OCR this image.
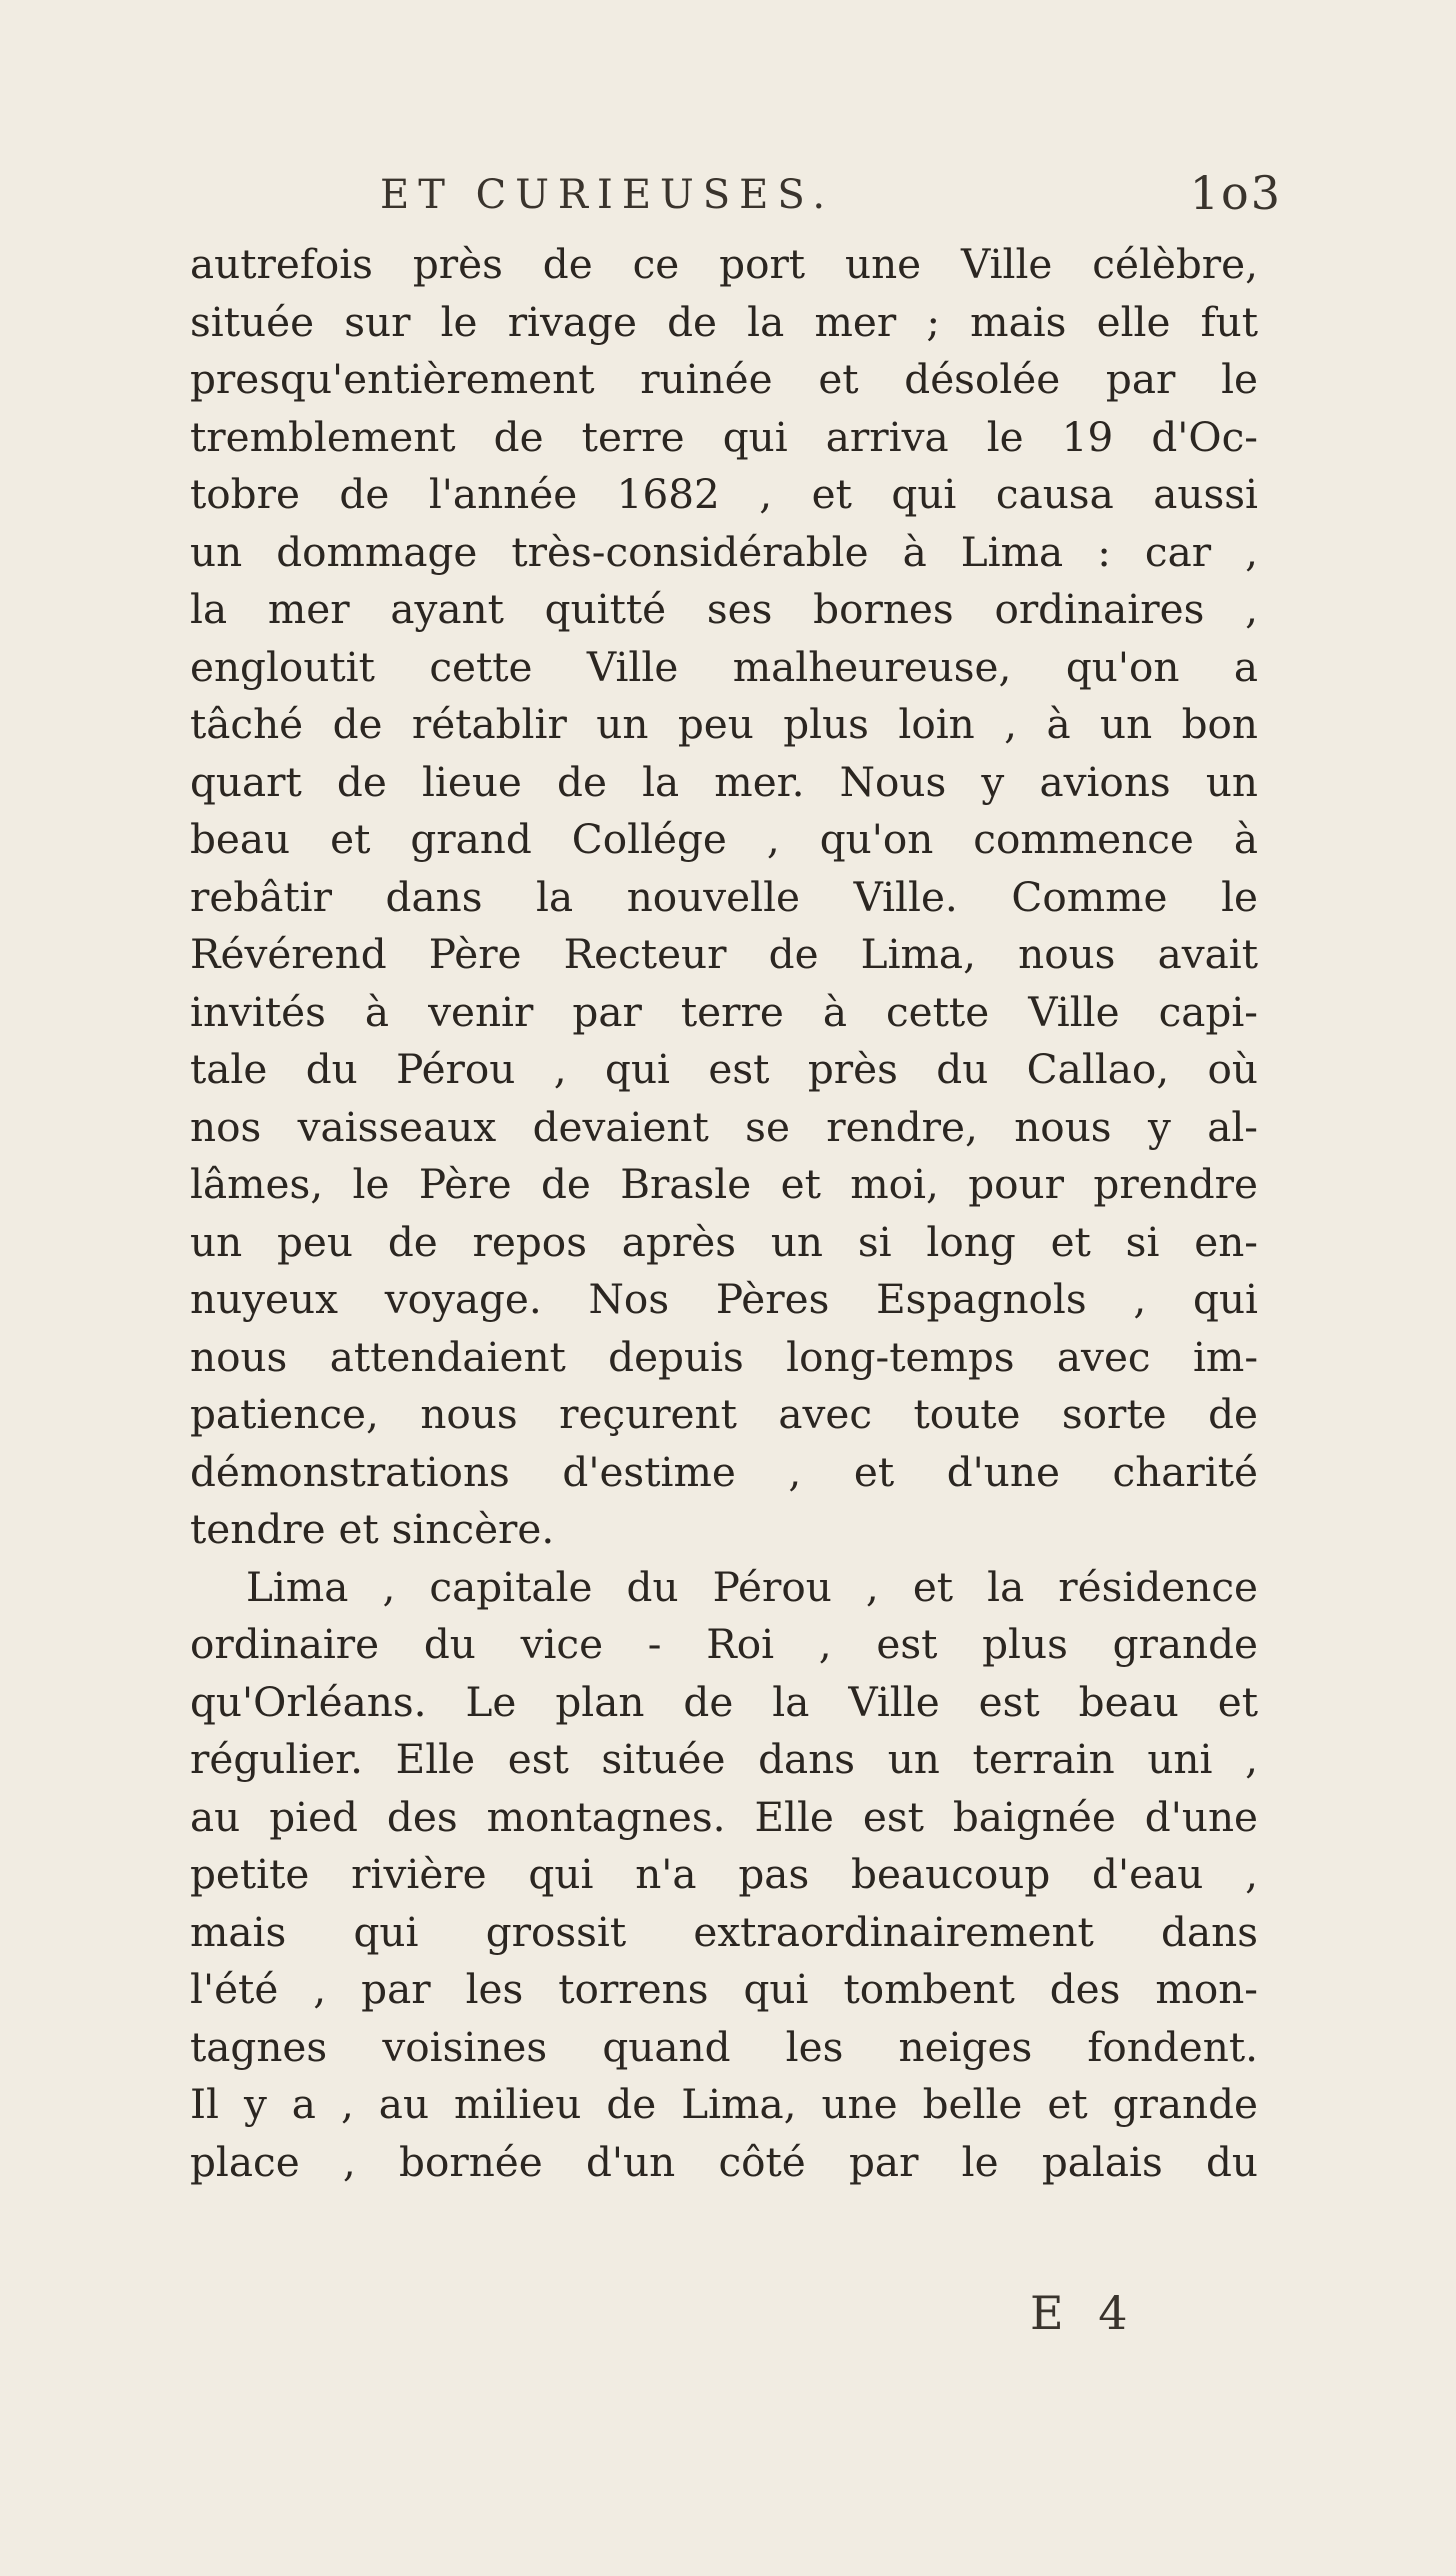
ET CURIEUSES.	1o3
autrefois près de ce port une Ville célèbre,
située sur le rivage de la mer ; mais elle fut
presqu'entièrement ruinée et désolée par le
tremblement de terre qui arriva le 19 d'Oc-
tobre de l'année 1682 , et qui causa aussi
un dommage très-considérable à Lima : car ,
la mer ayant quitté ses bornes ordinaires ,
engloutit cette Ville malheureuse, qu'on a
tâché de rétablir un peu plus loin , à un bon
quart de lieue de la mer. Nous y avions un
beau et grand Collége , qu'on commence à
rebâtir dans la nouvelle Ville. Comme le
Révérend Père Recteur de Lima, nous avait
invités à venir par terre à cette Ville capi-
tale du Pérou , qui est près du Callao, où
nos vaisseaux devaient se rendre, nous y al-
lâmes, le Père de Brasle et moi, pour prendre
un peu de repos après un si long et si en-
nuyeux voyage. Nos Pères Espagnols , qui
nous attendaient depuis long-temps avec im-
patience, nous reçurent avec toute sorte de
démonstrations d'estime , et d'une charité
tendre et sincère.
Lima , capitale du Pérou , et la résidence
ordinaire du vice - Roi , est plus grande
qu'Orléans. Le plan de la Ville est beau et
régulier. Elle est située dans un terrain uni ,
au pied des montagnes. Elle est baignée d'une
petite rivière qui n'a pas beaucoup d'eau ,
mais qui grossit extraordinairement dans
l'été , par les torrens qui tombent des mon-
tagnes voisines quand les neiges fondent.
Il y a , au milieu de Lima, une belle et grande
place , bornée d'un côté par le palais du
E 4
